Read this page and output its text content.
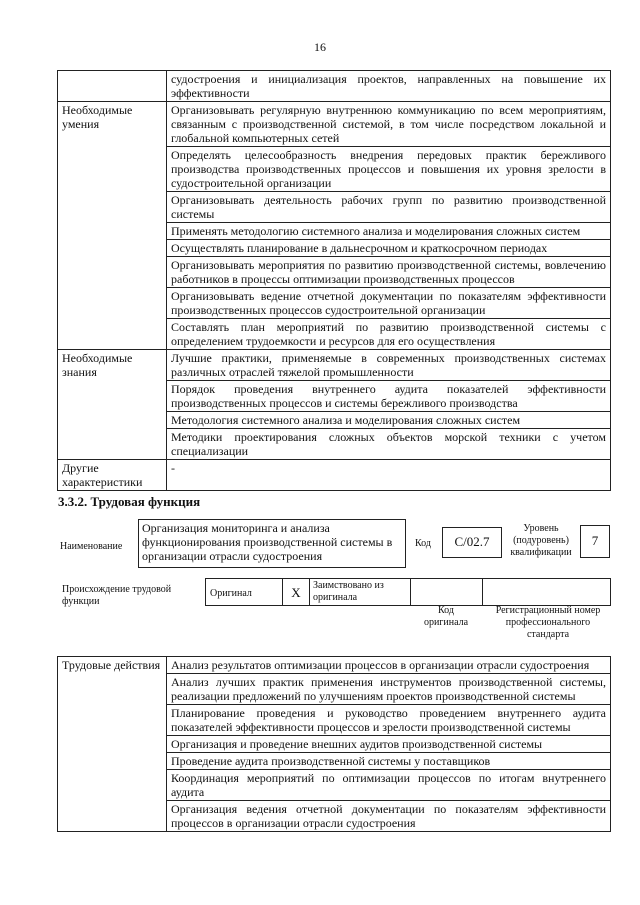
16
	судостроения и инициализация проектов, направленных на повышение их эффективности
Необходимые умения	Организовывать регулярную внутреннюю коммуникацию по всем мероприятиям, связанным с производственной системой, в том числе посредством локальной и глобальной компьютерных сетей
	Определять целесообразность внедрения передовых практик бережливого производства производственных процессов и повышения их уровня зрелости в судостроительной организации
	Организовывать деятельность рабочих групп по развитию производственной системы
	Применять методологию системного анализа и моделирования сложных систем
	Осуществлять планирование в дальнесрочном и краткосрочном периодах
	Организовывать мероприятия по развитию производственной системы, вовлечению работников в процессы оптимизации производственных процессов
	Организовывать ведение отчетной документации по показателям эффективности производственных процессов судостроительной организации
	Составлять план мероприятий по развитию производственной системы с определением трудоемкости и ресурсов для его осуществления
Необходимые знания	Лучшие практики, применяемые в современных производственных системах различных отраслей тяжелой промышленности
	Порядок проведения внутреннего аудита показателей эффективности производственных процессов и системы бережливого производства
	Методология системного анализа и моделирования сложных систем
	Методики проектирования сложных объектов морской техники с учетом специализации
Другие характеристики	-
3.3.2. Трудовая функция
Наименование
Организация мониторинга и анализа функционирования производственной системы в организации отрасли судостроения
Код	С/02.7
Уровень (подуровень) квалификации
7
Происхождение трудовой функции
Оригинал	X	Заимствовано из оригинала
Код оригинала
Регистрационный номер профессионального стандарта
Трудовые действия	Анализ результатов оптимизации процессов в организации отрасли судостроения
Анализ лучших практик применения инструментов производственной системы, реализации предложений по улучшениям проектов производственной системы
Планирование проведения и руководство проведением внутреннего аудита показателей эффективности процессов и зрелости производственной системы
Организация и проведение внешних аудитов производственной системы
Проведение аудита производственной системы у поставщиков
Координация мероприятий по оптимизации процессов по итогам внутреннего аудита
Организация ведения отчетной документации по показателям эффективности процессов в организации отрасли судостроения
